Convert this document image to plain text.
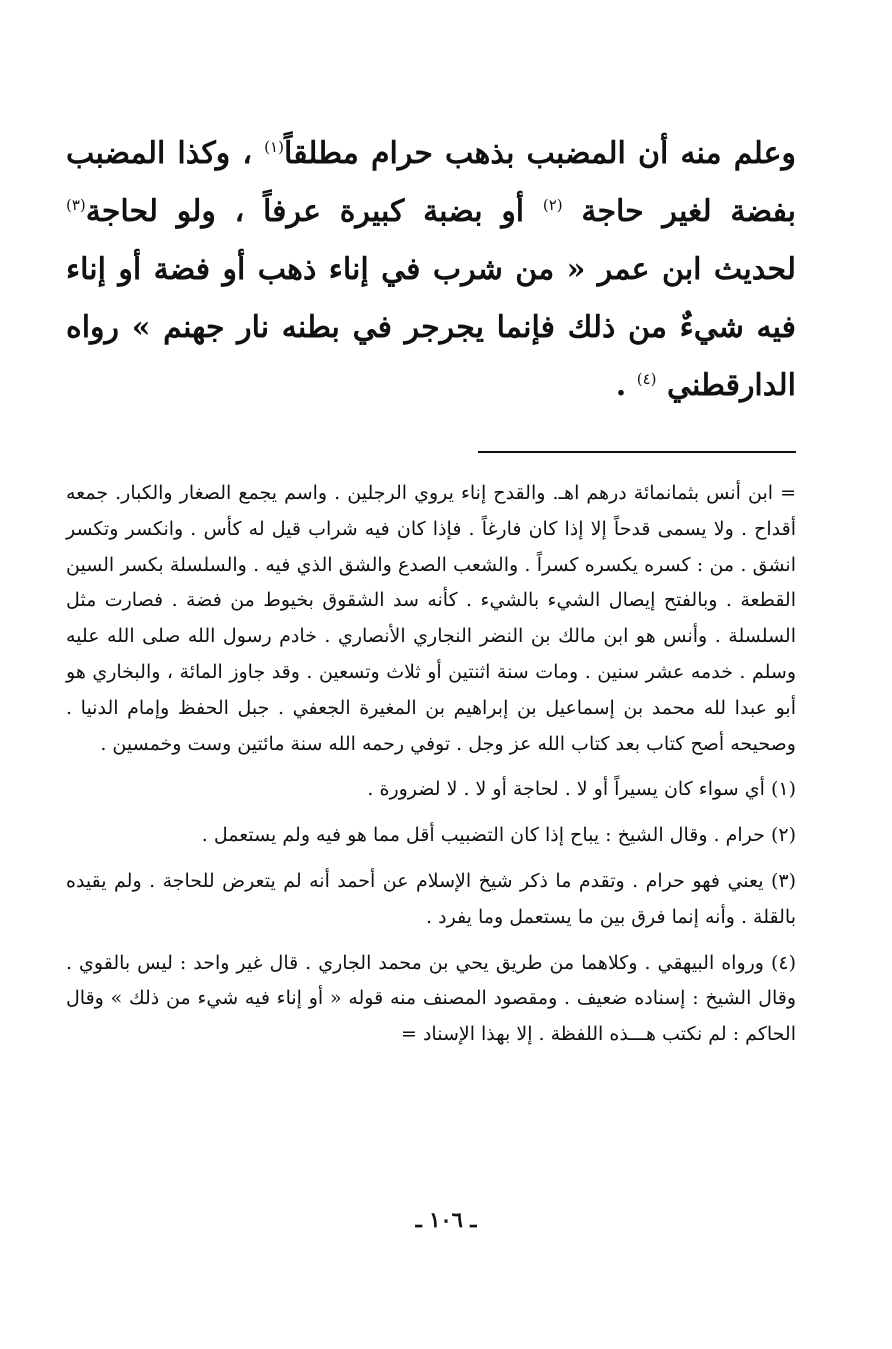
وعلم منه أن المضبب بذهب حرام مطلقاً$^{(١)}$ ، وكذا المضبب بفضة لغير حاجة $^{(٢)}$ أو بضبة كبيرة عرفاً ، ولو لحاجة$^{(٣)}$ لحديث ابن عمر « من شرب في إناء ذهب أو فضة أو إناء فيه شيءٌ من ذلك فإنما يجرجر في بطنه نار جهنم » رواه الدارقطني $^{(٤)}$ .

= ابن أنس بثمانمائة درهم اهـ. والقدح إناء يروي الرجلين . واسم يجمع الصغار والكبار. جمعه أقداح . ولا يسمى قدحاً إلا إذا كان فارغاً . فإذا كان فيه شراب قيل له كأس . وانكسر وتكسر انشق . من : كسره يكسره كسراً . والشعب الصدع والشق الذي فيه . والسلسلة بكسر السين القطعة . وبالفتح إيصال الشيء بالشيء . كأنه سد الشقوق بخيوط من فضة . فصارت مثل السلسلة . وأنس هو ابن مالك بن النضر النجاري الأنصاري . خادم رسول الله صلى الله عليه وسلم . خدمه عشر سنين . ومات سنة اثنتين أو ثلاث وتسعين . وقد جاوز المائة ، والبخاري هو أبو عبدا لله محمد بن إسماعيل بن إبراهيم بن المغيرة الجعفي . جبل الحفظ وإمام الدنيا . وصحيحه أصح كتاب بعد كتاب الله عز وجل . توفي رحمه الله سنة مائتين وست وخمسين .

(١) أي سواء كان يسيراً أو لا . لحاجة أو لا . لا لضرورة .

(٢) حرام . وقال الشيخ : يباح إذا كان التضبيب أقل مما هو فيه ولم يستعمل .

(٣) يعني فهو حرام . وتقدم ما ذكر شيخ الإسلام عن أحمد أنه لم يتعرض للحاجة . ولم يقيده بالقلة . وأنه إنما فرق بين ما يستعمل وما يفرد .

(٤) ورواه البيهقي . وكلاهما من طريق يحي بن محمد الجاري . قال غير واحد : ليس بالقوي . وقال الشيخ : إسناده ضعيف . ومقصود المصنف منه قوله « أو إناء فيه شيء من ذلك » وقال الحاكم : لم نكتب هـــذه اللفظة . إلا بهذا الإسناد =

ـ ١٠٦ ـ
